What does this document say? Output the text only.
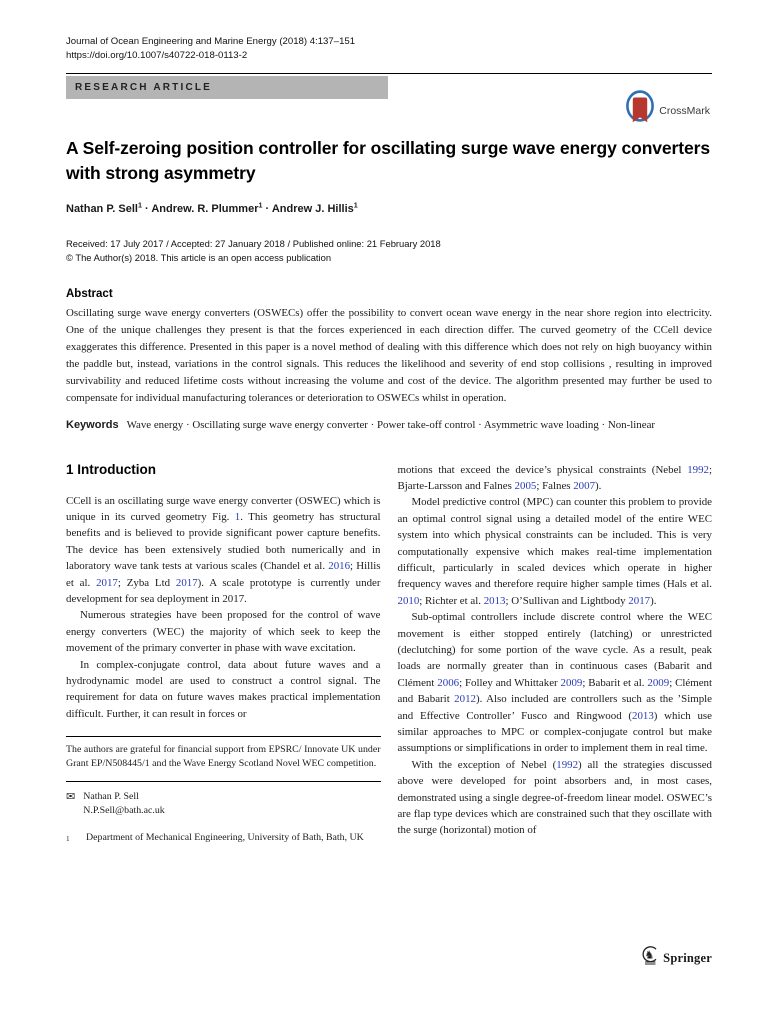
Journal of Ocean Engineering and Marine Energy (2018) 4:137–151
https://doi.org/10.1007/s40722-018-0113-2
RESEARCH ARTICLE
CrossMark
A Self-zeroing position controller for oscillating surge wave energy converters with strong asymmetry
Nathan P. Sell$^1$ · Andrew. R. Plummer$^1$ · Andrew J. Hillis$^1$
Received: 17 July 2017 / Accepted: 27 January 2018 / Published online: 21 February 2018
© The Author(s) 2018. This article is an open access publication
Abstract
Oscillating surge wave energy converters (OSWECs) offer the possibility to convert ocean wave energy in the near shore region into electricity. One of the unique challenges they present is that the forces experienced in each direction differ. The curved geometry of the CCell device exaggerates this difference. Presented in this paper is a novel method of dealing with this difference which does not rely on high buoyancy within the paddle but, instead, variations in the control signals. This reduces the likelihood and severity of end stop collisions , resulting in improved survivability and reduced lifetime costs without increasing the volume and cost of the device. The algorithm presented may further be used to compensate for individual manufacturing tolerances or deterioration to OSWECs whilst in operation.
Keywords Wave energy · Oscillating surge wave energy converter · Power take-off control · Asymmetric wave loading · Non-linear
1 Introduction

CCell is an oscillating surge wave energy converter (OSWEC) which is unique in its curved geometry Fig. 1. This geometry has structural benefits and is believed to provide significant power capture benefits. The device has been extensively studied both numerically and in laboratory wave tank tests at various scales (Chandel et al. 2016; Hillis et al. 2017; Zyba Ltd 2017). A scale prototype is currently under development for sea deployment in 2017.

Numerous strategies have been proposed for the control of wave energy converters (WEC) the majority of which seek to keep the movement of the primary converter in phase with wave excitation.

In complex-conjugate control, data about future waves and a hydrodynamic model are used to construct a control signal. The requirement for data on future waves makes practical implementation difficult. Further, it can result in forces or

The authors are grateful for financial support from EPSRC/ Innovate UK under Grant EP/N508445/1 and the Wave Energy Scotland Novel WEC competition.
✉ Nathan P. Sell
N.P.Sell@bath.ac.uk
1	Department of Mechanical Engineering, University of Bath, Bath, UK

motions that exceed the device’s physical constraints (Nebel 1992; Bjarte-Larsson and Falnes 2005; Falnes 2007).

Model predictive control (MPC) can counter this problem to provide an optimal control signal using a detailed model of the entire WEC system into which physical constraints can be included. This is very computationally expensive which makes real-time implementation difficult, particularly in scaled devices which operate in higher frequency waves and therefore require higher sample times (Hals et al. 2010; Richter et al. 2013; O’Sullivan and Lightbody 2017).

Sub-optimal controllers include discrete control where the WEC movement is either stopped entirely (latching) or unrestricted (declutching) for some portion of the wave cycle. As a result, peak loads are normally greater than in continuous cases (Babarit and Clément 2006; Folley and Whittaker 2009; Babarit et al. 2009; Clément and Babarit 2012). Also included are controllers such as the ’Simple and Effective Controller’ Fusco and Ringwood (2013) which use similar approaches to MPC or complex-conjugate control but make assumptions or simplifications in order to implement them in real time.

With the exception of Nebel (1992) all the strategies discussed above were developed for point absorbers and, in most cases, demonstrated using a single degree-of-freedom linear model. OSWEC’s are flap type devices which are constrained such that they oscillate with the surge (horizontal) motion of

♞ Springer
